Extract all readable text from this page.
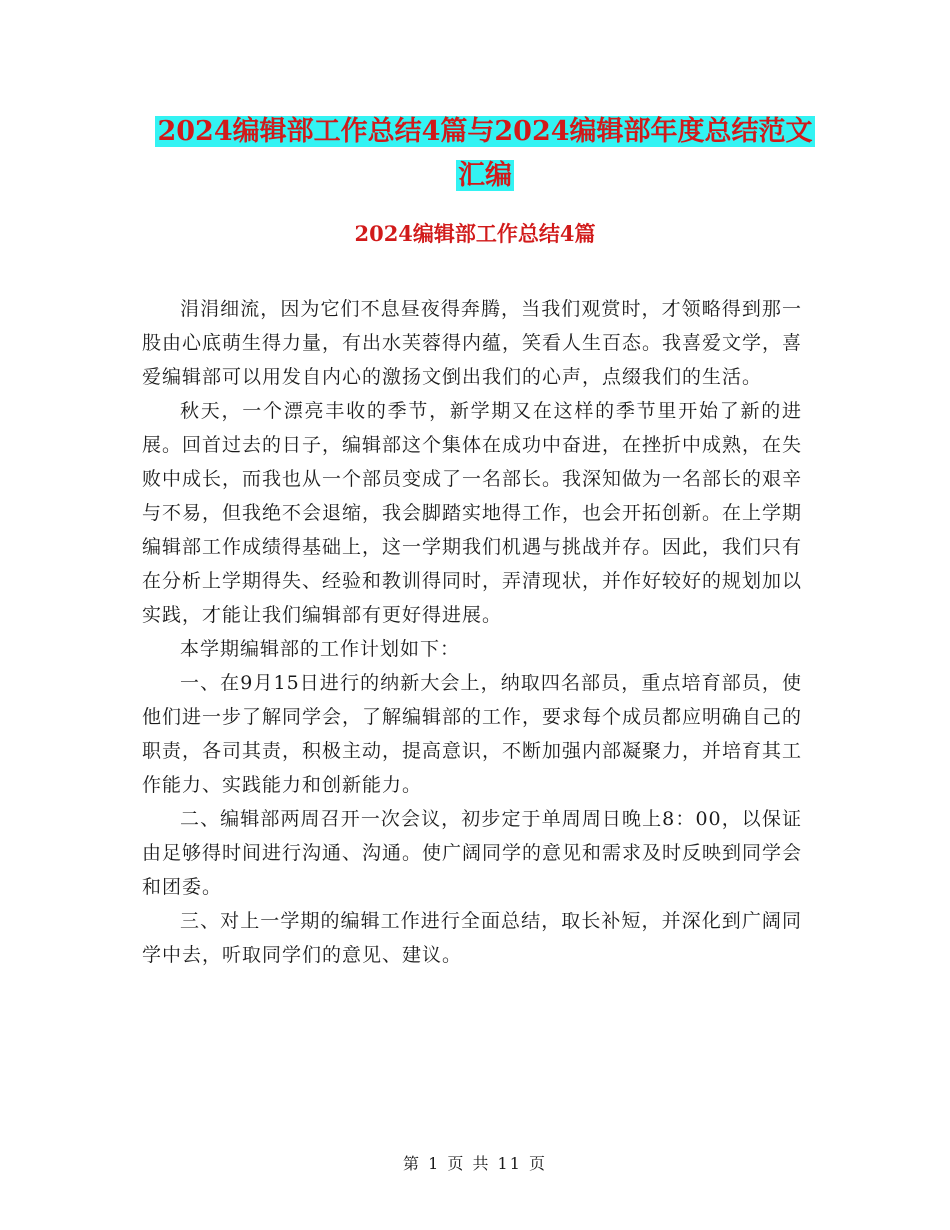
2024编辑部工作总结4篇与2024编辑部年度总结范文
汇编
2024编辑部工作总结4篇

涓涓细流，因为它们不息昼夜得奔腾，当我们观赏时，才领略得到那一股由心底萌生得力量，有出水芙蓉得内蕴，笑看人生百态。我喜爱文学，喜爱编辑部可以用发自内心的激扬文倒出我们的心声，点缀我们的生活。

秋天，一个漂亮丰收的季节，新学期又在这样的季节里开始了新的进展。回首过去的日子，编辑部这个集体在成功中奋进，在挫折中成熟，在失败中成长，而我也从一个部员变成了一名部长。我深知做为一名部长的艰辛与不易，但我绝不会退缩，我会脚踏实地得工作，也会开拓创新。在上学期编辑部工作成绩得基础上，这一学期我们机遇与挑战并存。因此，我们只有在分析上学期得失、经验和教训得同时，弄清现状，并作好较好的规划加以实践，才能让我们编辑部有更好得进展。

本学期编辑部的工作计划如下：

一、在9月15日进行的纳新大会上，纳取四名部员，重点培育部员，使他们进一步了解同学会，了解编辑部的工作，要求每个成员都应明确自己的职责，各司其责，积极主动，提高意识，不断加强内部凝聚力，并培育其工作能力、实践能力和创新能力。

二、编辑部两周召开一次会议，初步定于单周周日晚上8：00，以保证由足够得时间进行沟通、沟通。使广阔同学的意见和需求及时反映到同学会和团委。

三、对上一学期的编辑工作进行全面总结，取长补短，并深化到广阔同学中去，听取同学们的意见、建议。

第 1 页 共 11 页
